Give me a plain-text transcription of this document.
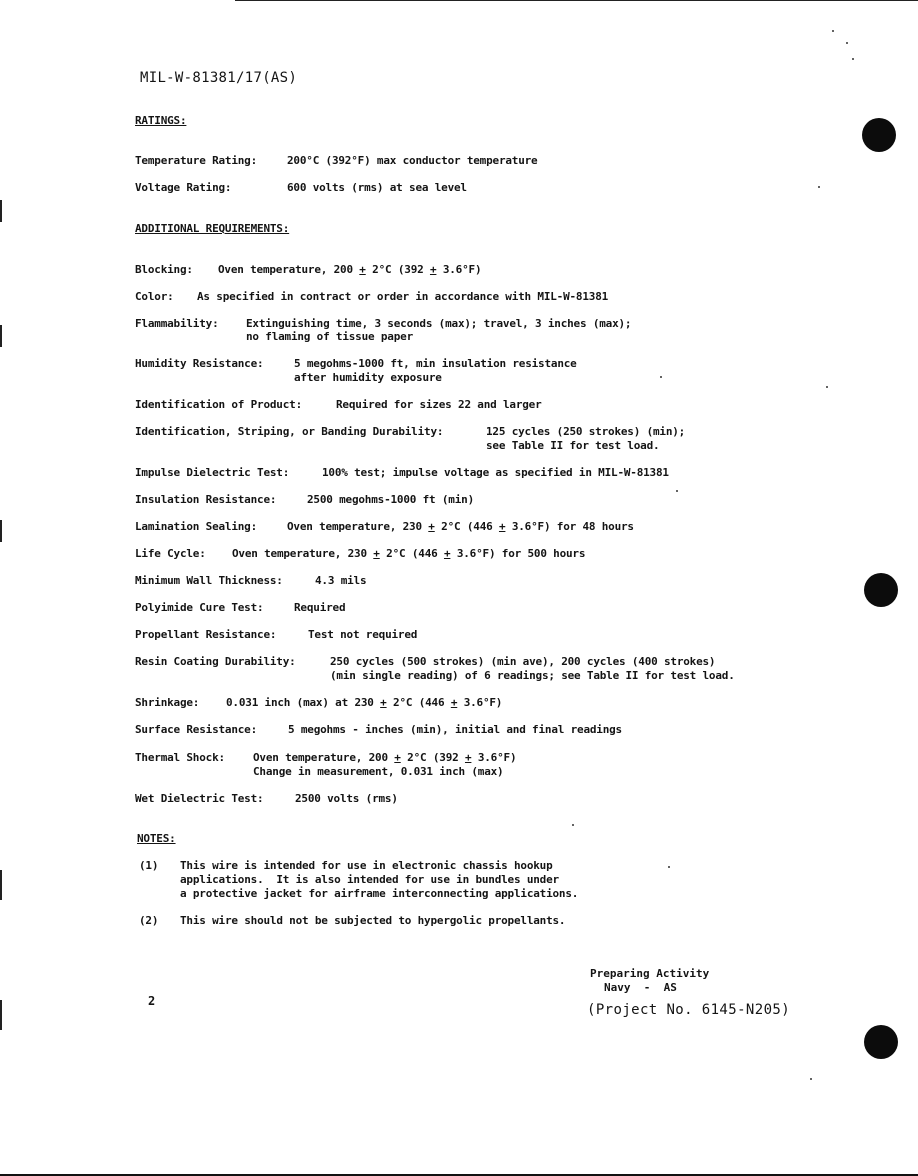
MIL-W-81381/17(AS)
RATINGS:
Temperature Rating:	200°C (392°F) max conductor temperature
Voltage Rating:	600 volts (rms) at sea level
ADDITIONAL REQUIREMENTS:
Blocking: Oven temperature, 200 + 2°C (392 + 3.6°F)
Color: As specified in contract or order in accordance with MIL-W-81381
Flammability:	Extinguishing time, 3 seconds (max); travel, 3 inches (max);
no flaming of tissue paper
Humidity Resistance:	5 megohms-1000 ft, min insulation resistance
after humidity exposure
Identification of Product:	Required for sizes 22 and larger
Identification, Striping, or Banding Durability:	125 cycles (250 strokes) (min);
see Table II for test load.
Impulse Dielectric Test:	100% test; impulse voltage as specified in MIL-W-81381
Insulation Resistance:	2500 megohms-1000 ft (min)
Lamination Sealing:	Oven temperature, 230 + 2°C (446 + 3.6°F) for 48 hours
Life Cycle: Oven temperature, 230 + 2°C (446 + 3.6°F) for 500 hours
Minimum Wall Thickness:	4.3 mils
Polyimide Cure Test:	Required
Propellant Resistance:	Test not required
Resin Coating Durability:	250 cycles (500 strokes) (min ave), 200 cycles (400 strokes)
(min single reading) of 6 readings; see Table II for test load.
Shrinkage: 0.031 inch (max) at 230 + 2°C (446 + 3.6°F)
Surface Resistance:	5 megohms - inches (min), initial and final readings
Thermal Shock:	Oven temperature, 200 + 2°C (392 + 3.6°F)
Change in measurement, 0.031 inch (max)
Wet Dielectric Test:	2500 volts (rms)
NOTES:
(1) This wire is intended for use in electronic chassis hookup
applications.  It is also intended for use in bundles under
a protective jacket for airframe interconnecting applications.
(2) This wire should not be subjected to hypergolic propellants.
Preparing Activity
Navy  -  AS
2
(Project No. 6145-N205)
